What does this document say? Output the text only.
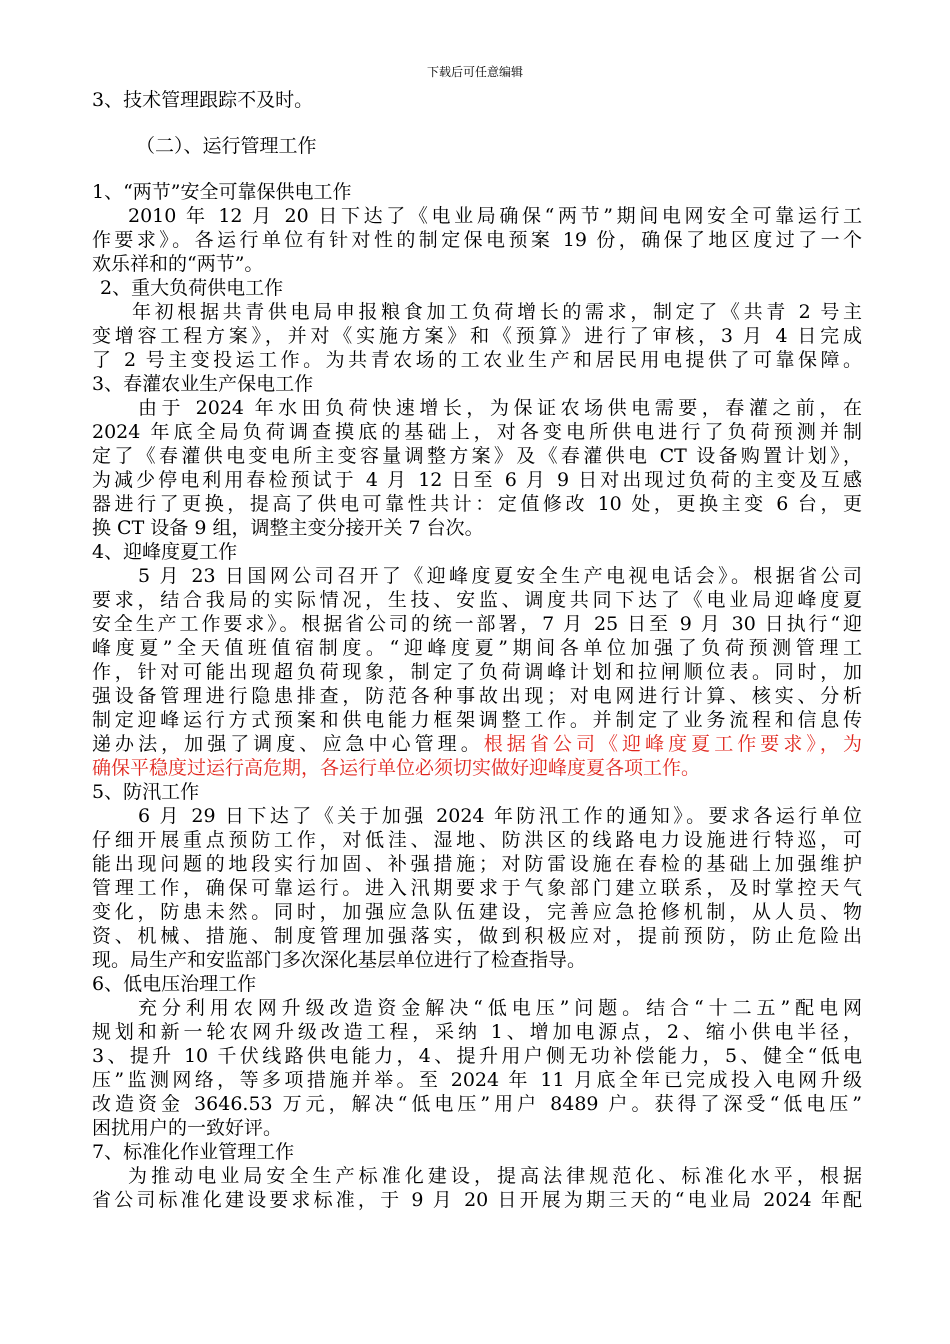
下载后可任意编辑
3、技术管理跟踪不及时。
（二）、运行管理工作
1、“两节”安全可靠保供电工作
2010 年 12 月 20 日下达了《电业局确保“两节”期间电网安全可靠运行工
作要求》。各运行单位有针对性的制定保电预案 19 份，确保了地区度过了一个
欢乐祥和的“两节”。
2、重大负荷供电工作
年初根据共青供电局申报粮食加工负荷增长的需求，制定了《共青 2 号主
变增容工程方案》，并对《实施方案》和《预算》进行了审核，3 月 4 日完成
了 2 号主变投运工作。为共青农场的工农业生产和居民用电提供了可靠保障。
3、春灌农业生产保电工作
由于 2024 年水田负荷快速增长，为保证农场供电需要，春灌之前，在
2024 年底全局负荷调查摸底的基础上，对各变电所供电进行了负荷预测并制
定了《春灌供电变电所主变容量调整方案》及《春灌供电 CT 设备购置计划》，
为减少停电利用春检预试于 4 月 12 日至 6 月 9 日对出现过负荷的主变及互感
器进行了更换，提高了供电可靠性共计：定值修改 10 处，更换主变 6 台，更
换 CT 设备 9 组，调整主变分接开关 7 台次。
4、迎峰度夏工作
5 月 23 日国网公司召开了《迎峰度夏安全生产电视电话会》。根据省公司
要求，结合我局的实际情况，生技、安监、调度共同下达了《电业局迎峰度夏
安全生产工作要求》。根据省公司的统一部署，7 月 25 日至 9 月 30 日执行“迎
峰度夏”全天值班值宿制度。“迎峰度夏”期间各单位加强了负荷预测管理工
作，针对可能出现超负荷现象，制定了负荷调峰计划和拉闸顺位表。同时，加
强设备管理进行隐患排查，防范各种事故出现；对电网进行计算、核实、分析
制定迎峰运行方式预案和供电能力框架调整工作。并制定了业务流程和信息传
递办法，加强了调度、应急中心管理。根据省公司《迎峰度夏工作要求》，为
确保平稳度过运行高危期，各运行单位必须切实做好迎峰度夏各项工作。
5、防汛工作
6 月 29 日下达了《关于加强 2024 年防汛工作的通知》。要求各运行单位
仔细开展重点预防工作，对低洼、湿地、防洪区的线路电力设施进行特巡，可
能出现问题的地段实行加固、补强措施；对防雷设施在春检的基础上加强维护
管理工作，确保可靠运行。进入汛期要求于气象部门建立联系，及时掌控天气
变化，防患未然。同时，加强应急队伍建设，完善应急抢修机制，从人员、物
资、机械、措施、制度管理加强落实，做到积极应对，提前预防，防止危险出
现。局生产和安监部门多次深化基层单位进行了检查指导。
6、低电压治理工作
充分利用农网升级改造资金解决“低电压”问题。结合“十二五”配电网
规划和新一轮农网升级改造工程，采纳 1、增加电源点，2、缩小供电半径，
3、提升 10 千伏线路供电能力，4、提升用户侧无功补偿能力，5、健全“低电
压”监测网络，等多项措施并举。至 2024 年 11 月底全年已完成投入电网升级
改造资金 3646.53 万元，解决“低电压”用户 8489 户。获得了深受“低电压”
困扰用户的一致好评。
7、标准化作业管理工作
为推动电业局安全生产标准化建设，提高法律规范化、标准化水平，根据
省公司标准化建设要求标准，于 9 月 20 日开展为期三天的“电业局 2024 年配
